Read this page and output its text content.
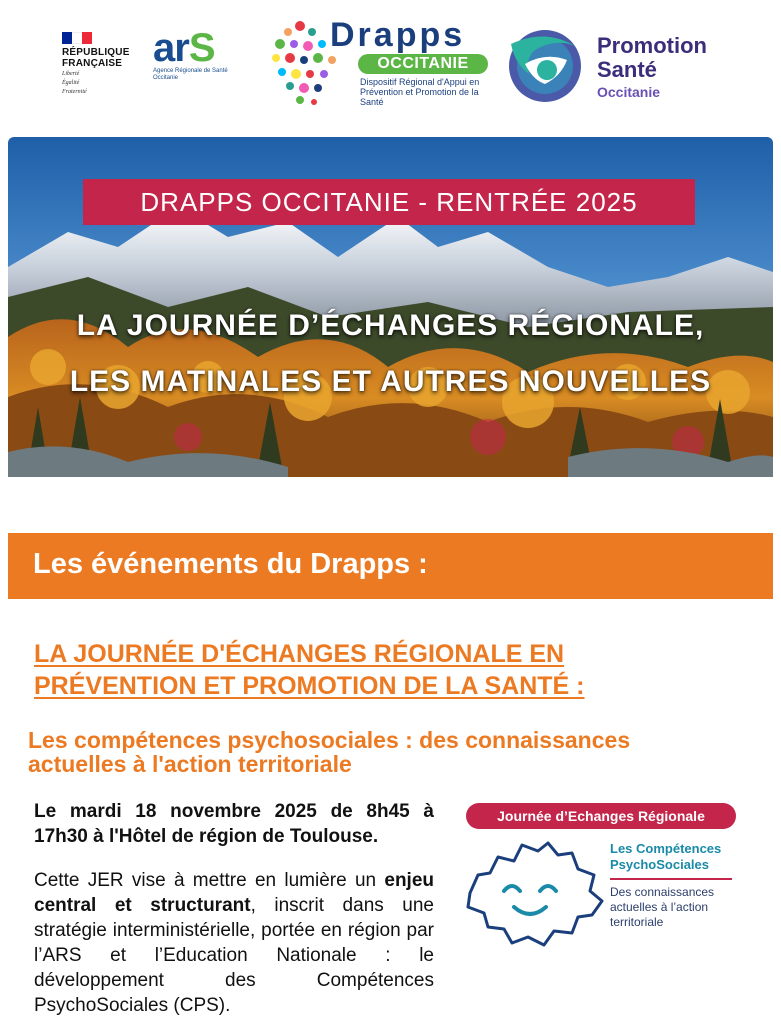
RÉPUBLIQUE
FRANÇAISE
Liberté
Égalité
Fraternité
arS
Agence Régionale de Santé
Occitanie
Drapps
OCCITANIE
Dispositif Régional d'Appui en Prévention et Promotion de la Santé
Promotion
Santé
Occitanie
DRAPPS OCCITANIE - RENTRÉE 2025
LA JOURNÉE D’ÉCHANGES RÉGIONALE,
LES MATINALES ET AUTRES NOUVELLES
Les événements du Drapps :
LA JOURNÉE D'ÉCHANGES RÉGIONALE EN
PRÉVENTION ET PROMOTION DE LA SANTÉ :
Les compétences psychosociales : des connaissances
actuelles à l'action territoriale
Le mardi 18 novembre 2025 de 8h45 à 17h30 à l'Hôtel de région de Toulouse.
Cette JER vise à mettre en lumière un enjeu central et structurant, inscrit dans une stratégie interministérielle, portée en région par l’ARS et l’Education Nationale : le développement des Compétences PsychoSociales (CPS).
Journée d’Echanges Régionale
Les Compétences
PsychoSociales
Des connaissances actuelles à l’action territoriale
